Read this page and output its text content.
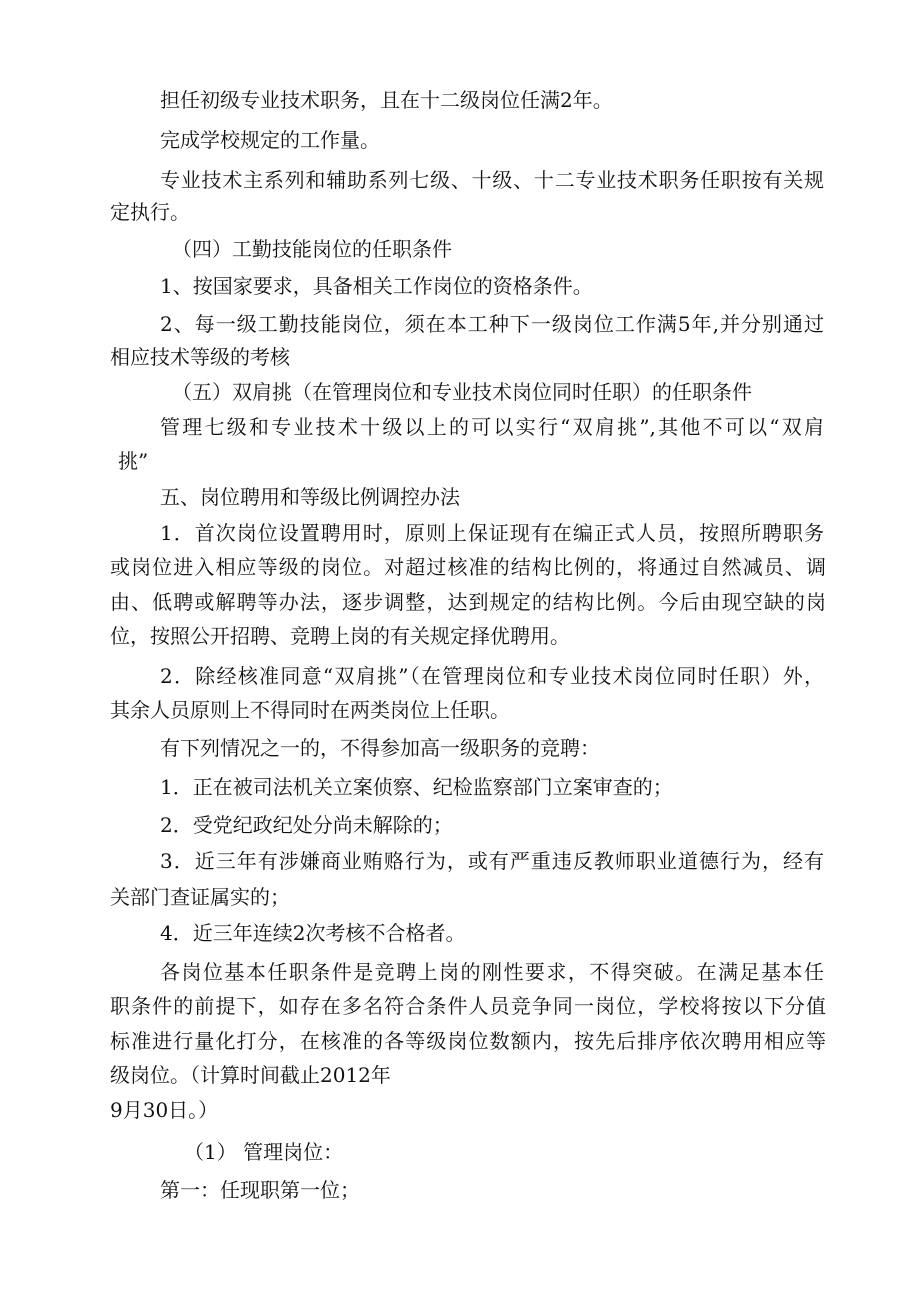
担任初级专业技术职务，且在十二级岗位任满2年。

完成学校规定的工作量。

专业技术主系列和辅助系列七级、十级、十二专业技术职务任职按有关规

定执行。

（四）工勤技能岗位的任职条件

1、按国家要求，具备相关工作岗位的资格条件。

2、每一级工勤技能岗位，须在本工种下一级岗位工作满5年,并分别通过

相应技术等级的考核

（五）双肩挑（在管理岗位和专业技术岗位同时任职）的任职条件

管理七级和专业技术十级以上的可以实行“双肩挑”,其他不可以“双肩

挑”

五、岗位聘用和等级比例调控办法

1．首次岗位设置聘用时，原则上保证现有在编正式人员，按照所聘职务

或岗位进入相应等级的岗位。对超过核准的结构比例的，将通过自然减员、调

由、低聘或解聘等办法，逐步调整，达到规定的结构比例。今后由现空缺的岗

位，按照公开招聘、竞聘上岗的有关规定择优聘用。

2．除经核准同意“双肩挑”（在管理岗位和专业技术岗位同时任职）外，

其余人员原则上不得同时在两类岗位上任职。

有下列情况之一的，不得参加高一级职务的竞聘：

1．正在被司法机关立案侦察、纪检监察部门立案审查的；

2．受党纪政纪处分尚未解除的；

3．近三年有涉嫌商业贿赂行为，或有严重违反教师职业道德行为，经有

关部门查证属实的；

4．近三年连续2次考核不合格者。

各岗位基本任职条件是竞聘上岗的刚性要求，不得突破。在满足基本任

职条件的前提下，如存在多名符合条件人员竞争同一岗位，学校将按以下分值

标准进行量化打分，在核准的各等级岗位数额内，按先后排序依次聘用相应等

级岗位。（计算时间截止2012年

9月30日。）

（1） 管理岗位：

第一：任现职第一位；
